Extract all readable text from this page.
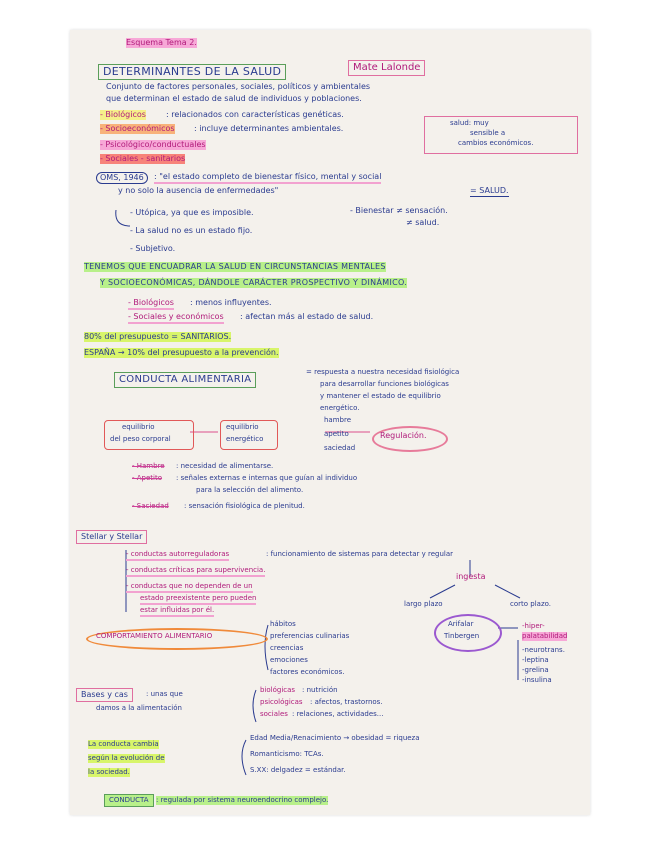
Esquema Tema 2.
DETERMINANTES DE LA SALUD	Mate Lalonde
Conjunto de factores personales, sociales, políticos y ambientales
que determinan el estado de salud de individuos y poblaciones.
- Biológicos	: relacionados con características genéticas.
- Socioeconómicos : incluye determinantes ambientales.
salud: muy
sensible a
cambios económicos.
- Psicológico/conductuales
- Sociales - sanitarios
OMS, 1946	: "el estado completo de bienestar físico, mental y social
y no solo la ausencia de enfermedades"	= SALUD.
- Utópica, ya que es imposible.	- Bienestar ≠ sensación.
≠ salud.
- La salud no es un estado fijo.
- Subjetivo.
TENEMOS QUE ENCUADRAR LA SALUD EN CIRCUNSTANCIAS MENTALES
Y SOCIOECONÓMICAS, DÁNDOLE CARÁCTER PROSPECTIVO Y DINÁMICO.
- Biológicos : menos influyentes.
- Sociales y económicos : afectan más al estado de salud.
80% del presupuesto = SANITARIOS.
ESPAÑA → 10% del presupuesto a la prevención.
CONDUCTA ALIMENTARIA
= respuesta a nuestra necesidad fisiológica
para desarrollar funciones biológicas
y mantener el estado de equilibrio
energético.
equilibrio
del peso corporal
equilibrio
energético
hambre
apetito
saciedad
Regulación.
- Hambre : necesidad de alimentarse.
- Apetito : señales externas e internas que guían al individuo
para la selección del alimento.
- Saciedad : sensación fisiológica de plenitud.
Stellar y Stellar
- conductas autorreguladoras	: funcionamiento de sistemas para detectar y regular
- conductas críticas para supervivencia.
- conductas que no dependen de un
estado preexistente pero pueden
estar influidas por él.
ingesta
largo plazo	corto plazo.
COMPORTAMIENTO ALIMENTARIO
hábitos
preferencias culinarias
creencias
emociones
factores económicos.
Arifalar
Tinbergen
-hiper-
palatabilidad
-neurotrans.
-leptina
-grelina
-insulina
Bases y cas	: unas que
damos a la alimentación
biológicas : nutrición
psicológicas : afectos, trastornos.
sociales : relaciones, actividades...
La conducta cambia
según la evolución de
la sociedad.
Edad Media/Renacimiento → obesidad = riqueza
Romanticismo: TCAs.
S.XX: delgadez = estándar.
CONDUCTA	: regulada por sistema neuroendocrino complejo.
